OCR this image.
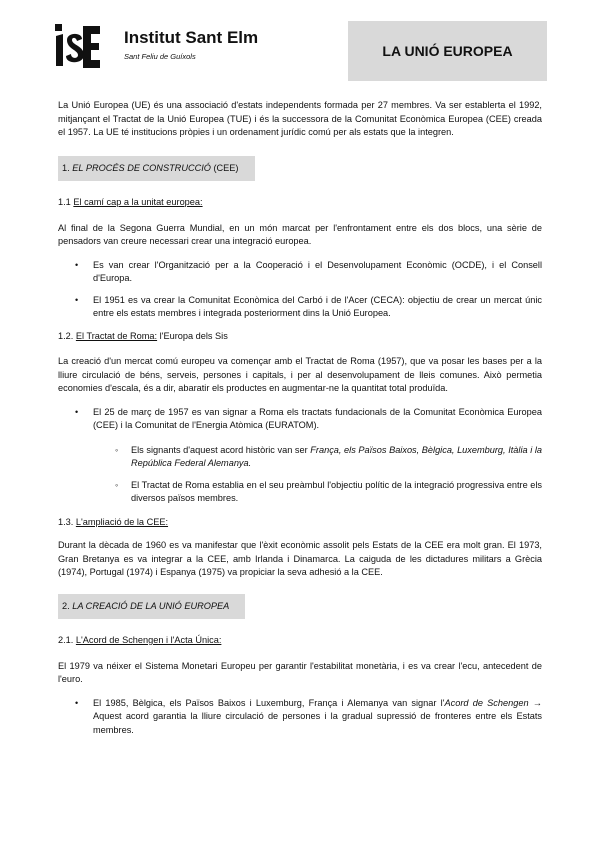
Institut Sant Elm
Sant Feliu de Guíxols	LA UNIÓ EUROPEA

La Unió Europea (UE) és una associació d'estats independents formada per 27 membres. Va ser establerta el 1992, mitjançant el Tractat de la Unió Europea (TUE) i és la successora de la Comunitat Econòmica Europea (CEE) creada el 1957. La UE té institucions pròpies i un ordenament jurídic comú per als estats que la integren.

1. EL PROCÉS DE CONSTRUCCIÓ (CEE)
1.1 El camí cap a la unitat europea:

Al final de la Segona Guerra Mundial, en un món marcat per l'enfrontament entre els dos blocs, una sèrie de pensadors van creure necessari crear una integració europea.

• Es van crear l'Organització per a la Cooperació i el Desenvolupament Econòmic (OCDE), i el Consell d'Europa.
• El 1951 es va crear la Comunitat Econòmica del Carbó i de l'Acer (CECA): objectiu de crear un mercat únic entre els estats membres i integrada posteriorment dins la Unió Europea.
1.2. El Tractat de Roma: l'Europa dels Sis

La creació d'un mercat comú europeu va començar amb el Tractat de Roma (1957), que va posar les bases per a la lliure circulació de béns, serveis, persones i capitals, i per al desenvolupament de lleis comunes. Això permetia economies d'escala, és a dir, abaratir els productes en augmentar-ne la quantitat total produïda.

• El 25 de març de 1957 es van signar a Roma els tractats fundacionals de la Comunitat Econòmica Europea (CEE) i la Comunitat de l'Energia Atòmica (EURATOM).
◦ Els signants d'aquest acord històric van ser França, els Països Baixos, Bèlgica, Luxemburg, Itàlia i la República Federal Alemanya.
◦ El Tractat de Roma establia en el seu preàmbul l'objectiu polític de la integració progressiva entre els diversos països membres.
1.3. L'ampliació de la CEE:

Durant la dècada de 1960 es va manifestar que l'èxit econòmic assolit pels Estats de la CEE era molt gran. El 1973, Gran Bretanya es va integrar a la CEE, amb Irlanda i Dinamarca. La caiguda de les dictadures militars a Grècia (1974), Portugal (1974) i Espanya (1975) va propiciar la seva adhesió a la CEE.

2. LA CREACIÓ DE LA UNIÓ EUROPEA
2.1. L'Acord de Schengen i l'Acta Única:

El 1979 va néixer el Sistema Monetari Europeu per garantir l'estabilitat monetària, i es va crear l'ecu, antecedent de l'euro.

• El 1985, Bèlgica, els Països Baixos i Luxemburg, França i Alemanya van signar l'Acord de Schengen → Aquest acord garantia la lliure circulació de persones i la gradual supressió de fronteres entre els Estats membres.
